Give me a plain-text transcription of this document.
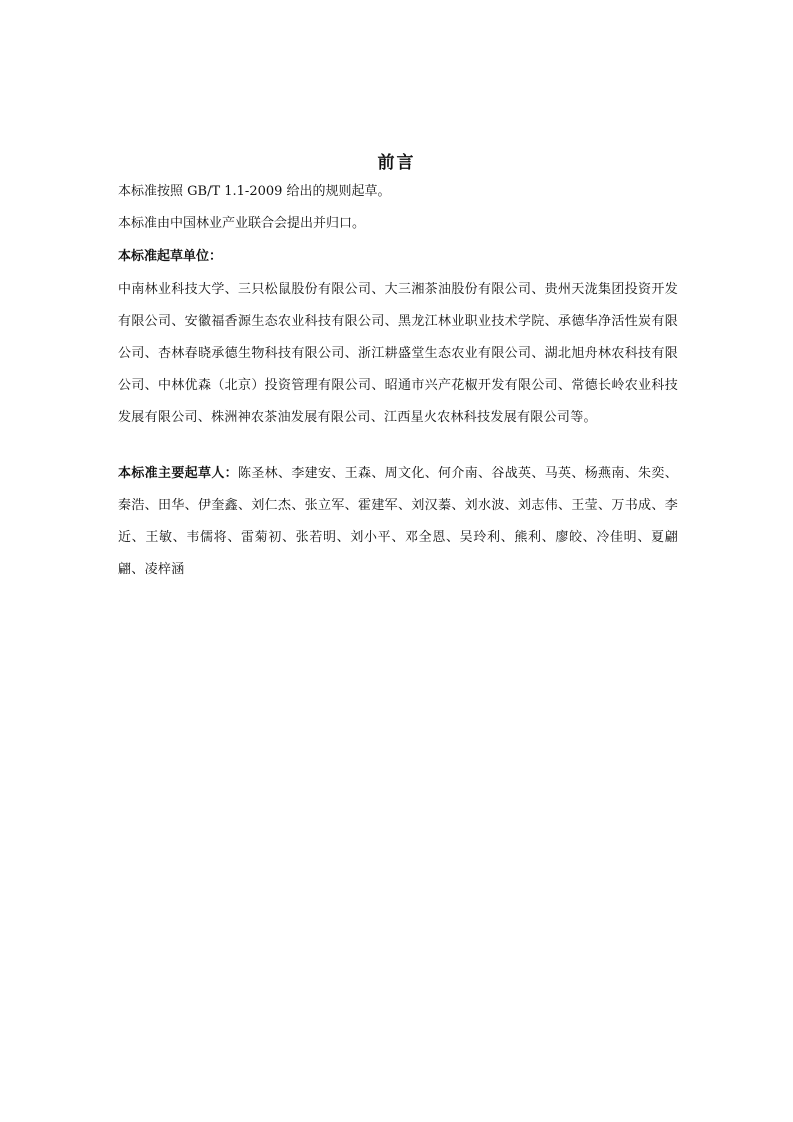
前言
本标准按照 GB/T 1.1-2009 给出的规则起草。
本标准由中国林业产业联合会提出并归口。
本标准起草单位：
中南林业科技大学、三只松鼠股份有限公司、大三湘茶油股份有限公司、贵州天泷集团投资开发有限公司、安徽福香源生态农业科技有限公司、黑龙江林业职业技术学院、承德华净活性炭有限公司、杏林春晓承德生物科技有限公司、浙江耕盛堂生态农业有限公司、湖北旭舟林农科技有限公司、中林优森（北京）投资管理有限公司、昭通市兴产花椒开发有限公司、常德长岭农业科技发展有限公司、株洲神农茶油发展有限公司、江西星火农林科技发展有限公司等。
本标准主要起草人：陈圣林、李建安、王森、周文化、何介南、谷战英、马英、杨燕南、朱奕、秦浩、田华、伊奎鑫、刘仁杰、张立军、霍建军、刘汉蓁、刘水波、刘志伟、王莹、万书成、李近、王敏、韦儒将、雷菊初、张若明、刘小平、邓全恩、吴玲利、熊利、廖皎、冷佳明、夏翩翩、凌梓涵
